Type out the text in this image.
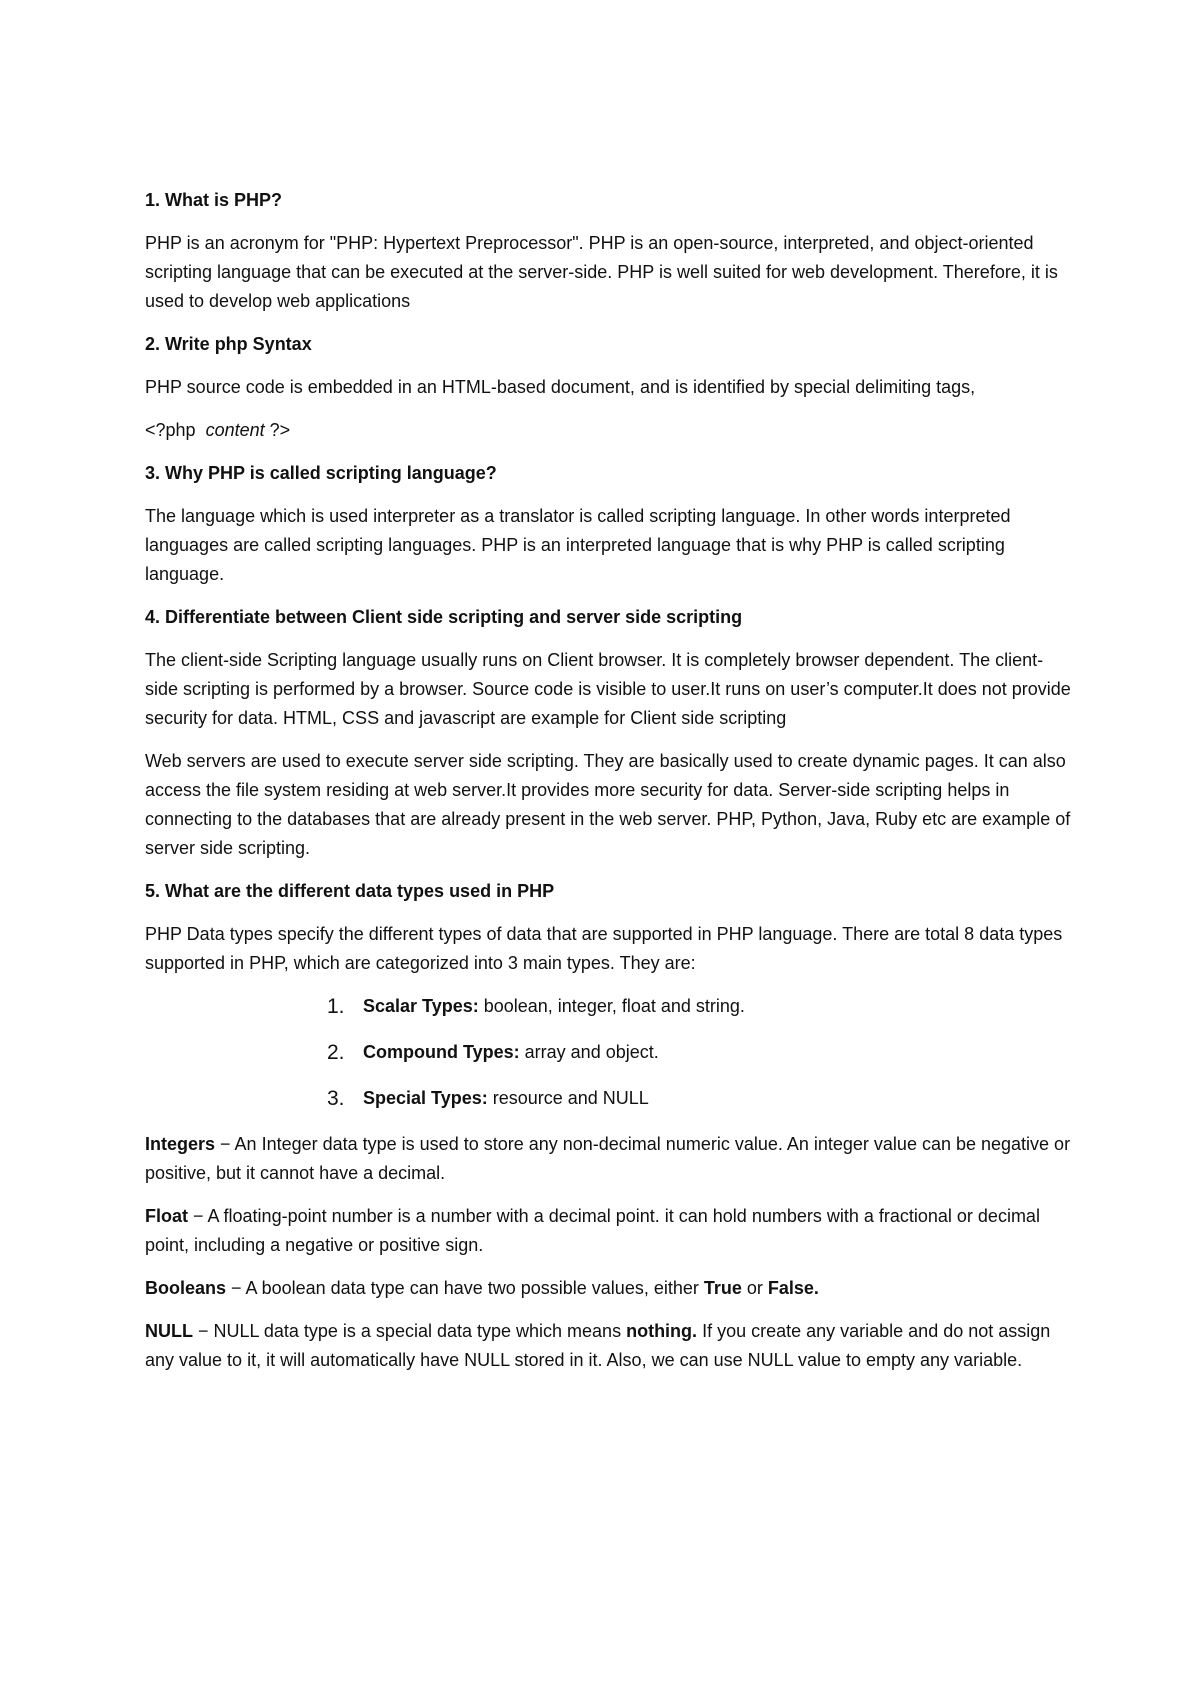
1. What is PHP?

PHP is an acronym for "PHP: Hypertext Preprocessor". PHP is an open-source, interpreted, and object-oriented scripting language that can be executed at the server-side. PHP is well suited for web development. Therefore, it is used to develop web applications

2. Write php Syntax

PHP source code is embedded in an HTML-based document, and is identified by special delimiting tags,

<?php content ?>

3. Why PHP is called scripting language?

The language which is used interpreter as a translator is called scripting language. In other words interpreted languages are called scripting languages. PHP is an interpreted language that is why PHP is called scripting language.

4. Differentiate between Client side scripting and server side scripting

The client-side Scripting language usually runs on Client browser. It is completely browser dependent. The client-side scripting is performed by a browser. Source code is visible to user.It runs on user’s computer.It does not provide security for data. HTML, CSS and javascript are example for Client side scripting

Web servers are used to execute server side scripting. They are basically used to create dynamic pages. It can also access the file system residing at web server.It provides more security for data. Server-side scripting helps in connecting to the databases that are already present in the web server. PHP, Python, Java, Ruby etc are example of server side scripting.

5. What are the different data types used in PHP

PHP Data types specify the different types of data that are supported in PHP language. There are total 8 data types supported in PHP, which are categorized into 3 main types. They are:

1.	Scalar Types: boolean, integer, float and string.
2.	Compound Types: array and object.
3.	Special Types: resource and NULL

Integers − An Integer data type is used to store any non-decimal numeric value. An integer value can be negative or positive, but it cannot have a decimal.

Float − A floating-point number is a number with a decimal point. it can hold numbers with a fractional or decimal point, including a negative or positive sign.

Booleans − A boolean data type can have two possible values, either True or False.

NULL − NULL data type is a special data type which means nothing. If you create any variable and do not assign any value to it, it will automatically have NULL stored in it. Also, we can use NULL value to empty any variable.
